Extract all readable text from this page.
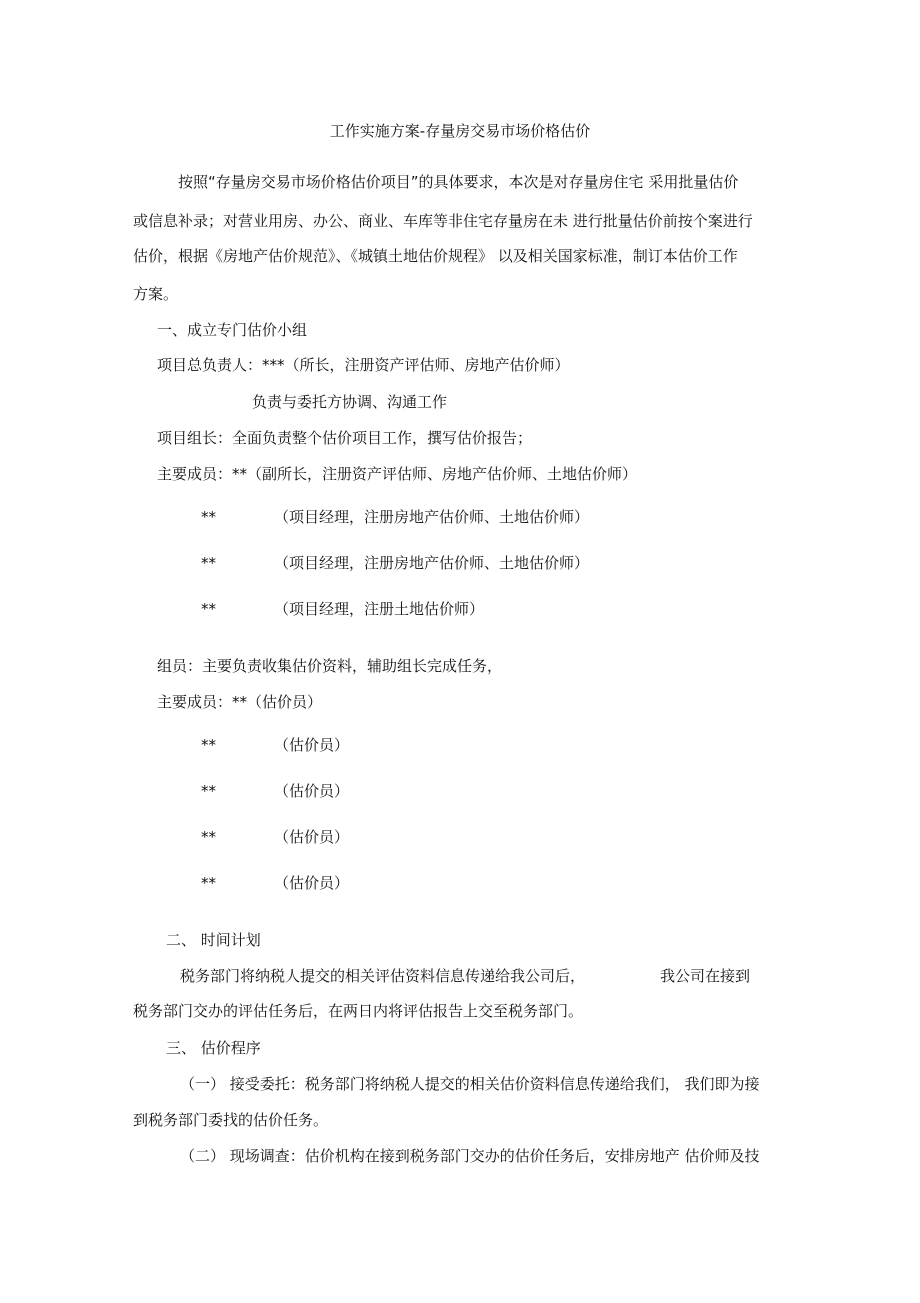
工作实施方案-存量房交易市场价格估价
按照“存量房交易市场价格估价项目”的具体要求，本次是对存量房住宅 采用批量估价
或信息补录；对营业用房、办公、商业、车库等非住宅存量房在未 进行批量估价前按个案进行
估价，根据《房地产估价规范》、《城镇土地估价规程》 以及相关国家标准，制订本估价工作
方案。
一、成立专门估价小组
项目总负责人：***（所长，注册资产评估师、房地产估价师）
负责与委托方协调、沟通工作
项目组长：全面负责整个估价项目工作，撰写估价报告；
主要成员：**（副所长，注册资产评估师、房地产估价师、土地估价师）
**	（项目经理，注册房地产估价师、土地估价师）
**	（项目经理，注册房地产估价师、土地估价师）
**	（项目经理，注册土地估价师）
组员：主要负责收集估价资料，辅助组长完成任务，
主要成员：**（估价员）
**	（估价员）
**	（估价员）
**	（估价员）
**	（估价员）
二、 时间计划
税务部门将纳税人提交的相关评估资料信息传递给我公司后，	我公司在接到
税务部门交办的评估任务后，在两日内将评估报告上交至税务部门。
三、 估价程序
（一） 接受委托：税务部门将纳税人提交的相关估价资料信息传递给我们， 我们即为接
到税务部门委找的估价任务。
（二） 现场调查：估价机构在接到税务部门交办的估价任务后，安排房地产 估价师及技
